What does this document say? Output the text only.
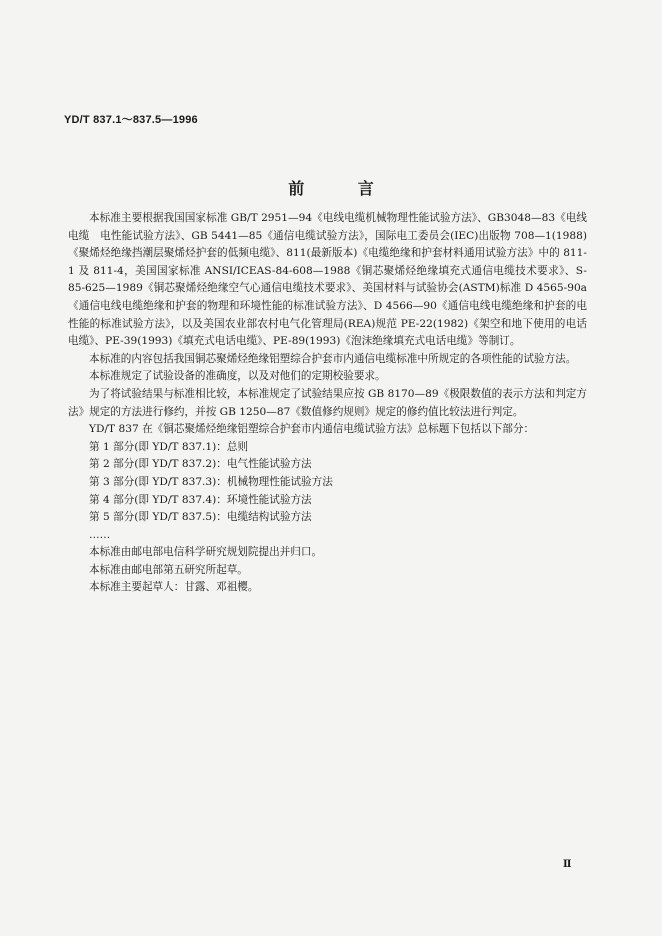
YD/T 837.1～837.5—1996
前 言

本标准主要根据我国国家标准 GB/T 2951—94《电线电缆机械物理性能试验方法》、GB3048—83《电线电缆　电性能试验方法》、GB 5441—85《通信电缆试验方法》，国际电工委员会(IEC)出版物 708—1(1988)《聚烯烃绝缘挡潮层聚烯烃护套的低频电缆》、811(最新版本)《电缆绝缘和护套材料通用试验方法》中的 811-1 及 811-4，美国国家标准 ANSI/ICEAS-84-608—1988《铜芯聚烯烃绝缘填充式通信电缆技术要求》、S-85-625—1989《铜芯聚烯烃绝缘空气心通信电缆技术要求》、美国材料与试验协会(ASTM)标准 D 4565-90a《通信电线电缆绝缘和护套的物理和环境性能的标准试验方法》、D 4566—90《通信电线电缆绝缘和护套的电性能的标准试验方法》，以及美国农业部农村电气化管理局(REA)规范 PE-22(1982)《架空和地下使用的电话电缆》、PE-39(1993)《填充式电话电缆》、PE-89(1993)《泡沫绝缘填充式电话电缆》等制订。

本标准的内容包括我国铜芯聚烯烃绝缘铝塑综合护套市内通信电缆标准中所规定的各项性能的试验方法。

本标准规定了试验设备的准确度，以及对他们的定期校验要求。

为了将试验结果与标准相比较，本标准规定了试验结果应按 GB 8170—89《极限数值的表示方法和判定方法》规定的方法进行修约，并按 GB 1250—87《数值修约规则》规定的修约值比较法进行判定。

YD/T 837 在《铜芯聚烯烃绝缘铝塑综合护套市内通信电缆试验方法》总标题下包括以下部分：

第 1 部分(即 YD/T 837.1)：总则

第 2 部分(即 YD/T 837.2)：电气性能试验方法

第 3 部分(即 YD/T 837.3)：机械物理性能试验方法

第 4 部分(即 YD/T 837.4)：环境性能试验方法

第 5 部分(即 YD/T 837.5)：电缆结构试验方法

……

本标准由邮电部电信科学研究规划院提出并归口。

本标准由邮电部第五研究所起草。

本标准主要起草人：甘露、邓祖樱。

Ⅱ
